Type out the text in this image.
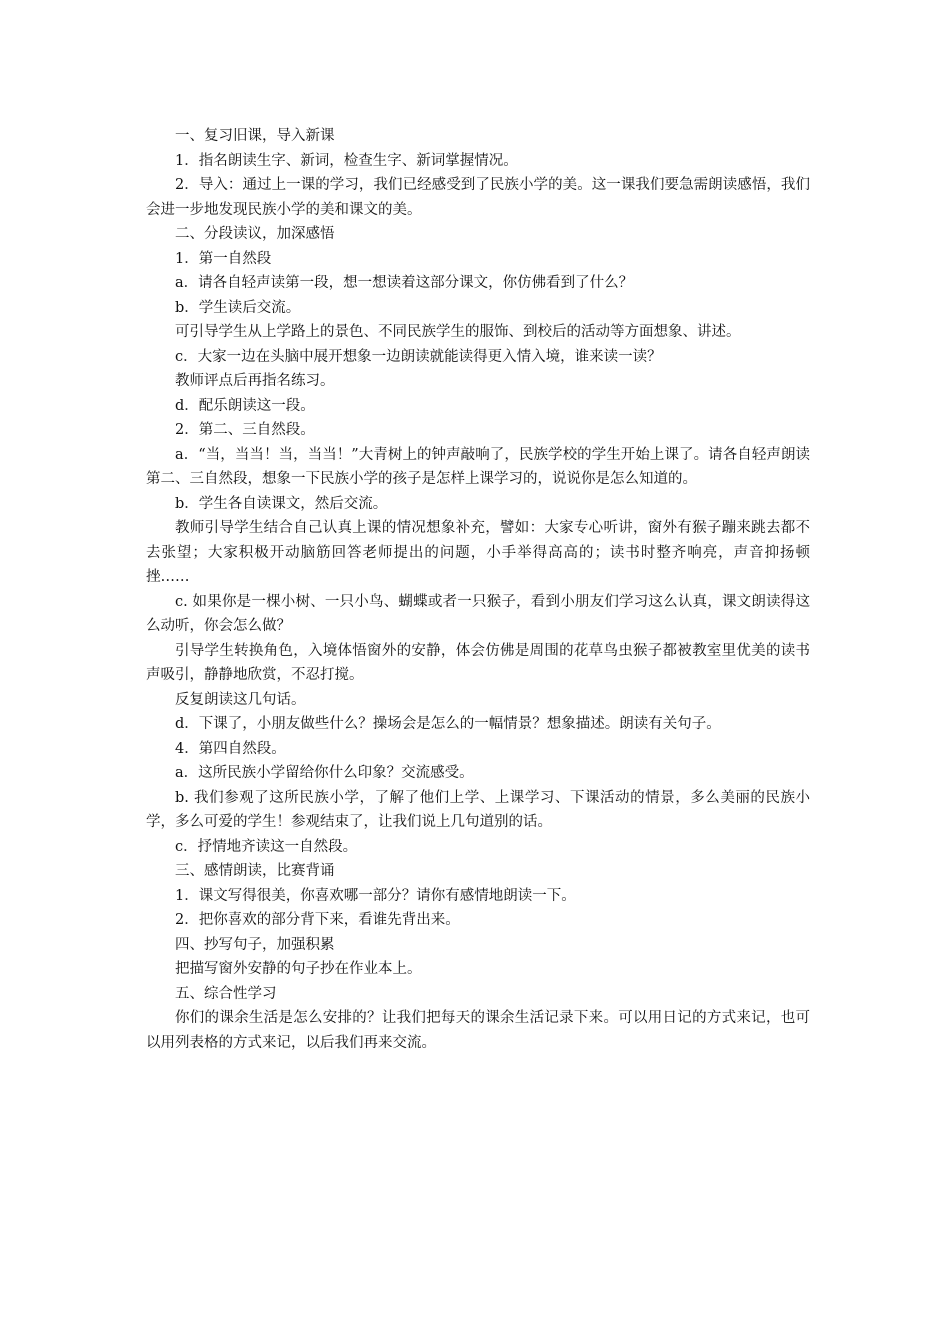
一、复习旧课，导入新课

1．指名朗读生字、新词，检查生字、新词掌握情况。

2．导入：通过上一课的学习，我们已经感受到了民族小学的美。这一课我们要急需朗读感悟，我们会进一步地发现民族小学的美和课文的美。

二、分段读议，加深感悟

1．第一自然段

a．请各自轻声读第一段，想一想读着这部分课文，你仿佛看到了什么？

b．学生读后交流。

可引导学生从上学路上的景色、不同民族学生的服饰、到校后的活动等方面想象、讲述。

c．大家一边在头脑中展开想象一边朗读就能读得更入情入境，谁来读一读？

教师评点后再指名练习。

d．配乐朗读这一段。

2．第二、三自然段。

a．“当，当当！当，当当！”大青树上的钟声敲响了，民族学校的学生开始上课了。请各自轻声朗读第二、三自然段，想象一下民族小学的孩子是怎样上课学习的，说说你是怎么知道的。

b．学生各自读课文，然后交流。

教师引导学生结合自己认真上课的情况想象补充，譬如：大家专心听讲，窗外有猴子蹦来跳去都不去张望；大家积极开动脑筋回答老师提出的问题，小手举得高高的；读书时整齐响亮，声音抑扬顿挫……

c. 如果你是一棵小树、一只小鸟、蝴蝶或者一只猴子，看到小朋友们学习这么认真，课文朗读得这么动听，你会怎么做？

引导学生转换角色，入境体悟窗外的安静，体会仿佛是周围的花草鸟虫猴子都被教室里优美的读书声吸引，静静地欣赏，不忍打搅。

反复朗读这几句话。

d．下课了，小朋友做些什么？操场会是怎么的一幅情景？想象描述。朗读有关句子。

4．第四自然段。

a．这所民族小学留给你什么印象？交流感受。

b. 我们参观了这所民族小学，了解了他们上学、上课学习、下课活动的情景，多么美丽的民族小学，多么可爱的学生！参观结束了，让我们说上几句道别的话。

c．抒情地齐读这一自然段。

三、感情朗读，比赛背诵

1．课文写得很美，你喜欢哪一部分？请你有感情地朗读一下。

2．把你喜欢的部分背下来，看谁先背出来。

四、抄写句子，加强积累

把描写窗外安静的句子抄在作业本上。

五、综合性学习

你们的课余生活是怎么安排的？让我们把每天的课余生活记录下来。可以用日记的方式来记，也可以用列表格的方式来记，以后我们再来交流。
